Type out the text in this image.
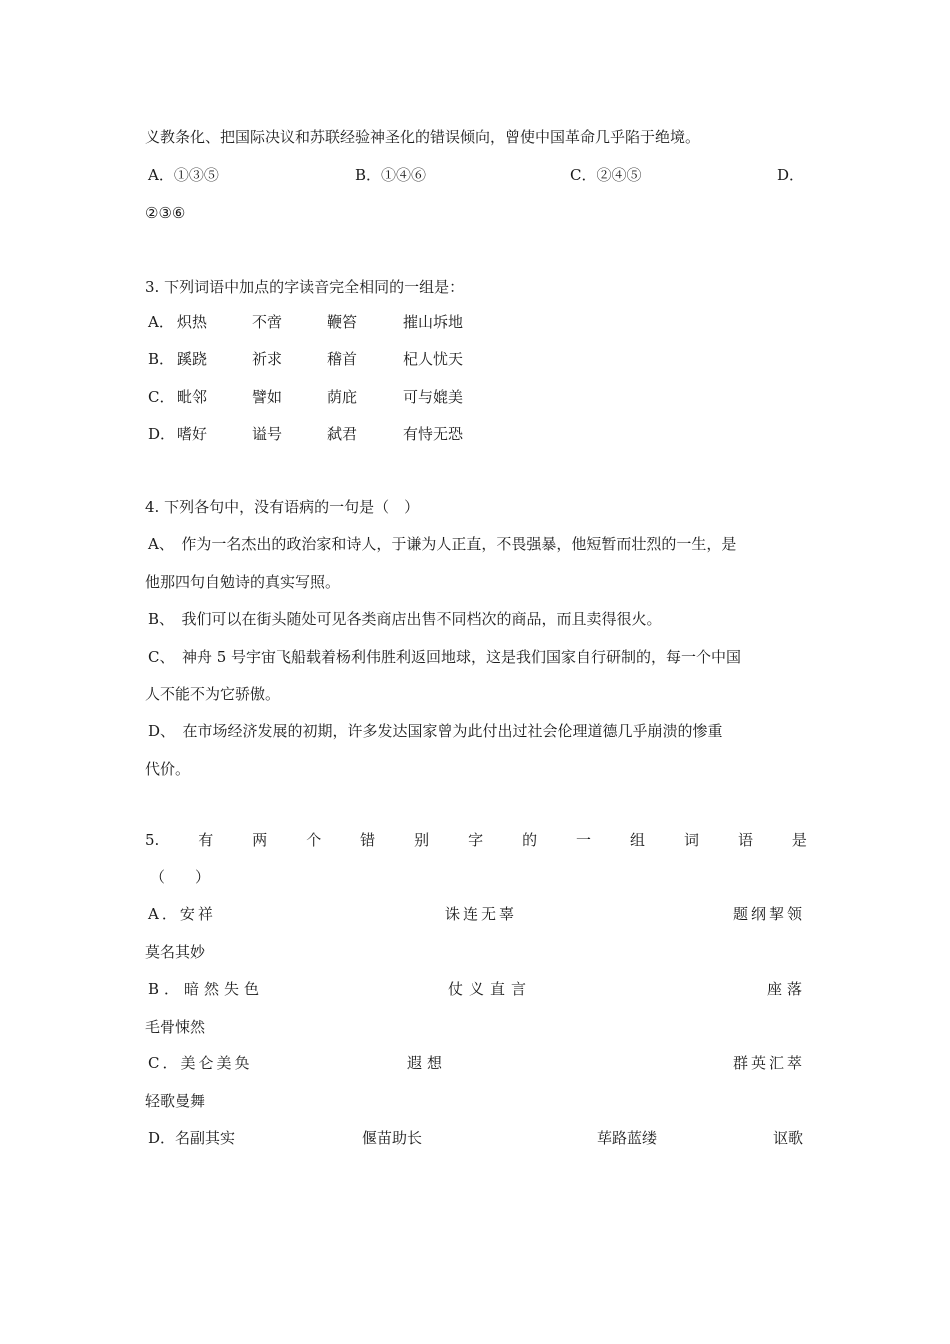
义教条化、把国际决议和苏联经验神圣化的错误倾向，曾使中国革命几乎陷于绝境。
A．①③⑤	B．①④⑥	C．②④⑤	D．
②③⑥
3. 下列词语中加点的字读音完全相同的一组是：
A． 炽热	不啻	鞭笞	摧山坼地
B． 蹊跷	祈求	稽首	杞人忧天
C． 毗邻	譬如	荫庇	可与媲美
D． 嗜好	谥号	弑君	有恃无恐
4. 下列各句中，没有语病的一句是（　）
A、　作为一名杰出的政治家和诗人，于谦为人正直，不畏强暴，他短暂而壮烈的一生，是
他那四句自勉诗的真实写照。
B、　我们可以在街头随处可见各类商店出售不同档次的商品，而且卖得很火。
C、　神舟 5 号宇宙飞船载着杨利伟胜利返回地球，这是我们国家自行研制的，每一个中国
人不能不为它骄傲。
D、　在市场经济发展的初期，许多发达国家曾为此付出过社会伦理道德几乎崩溃的惨重
代价。
5.	有	两	个	错	别	字	的	一	组	词	语	是
（　　）
A．安祥	诛连无辜	题纲挈领
莫名其妙
B．暗然失色	仗义直言	座落
毛骨悚然
C．美仑美奂	遐想	群英汇萃
轻歌曼舞
D．名副其实	偃苗助长	荜路蓝缕	讴歌
